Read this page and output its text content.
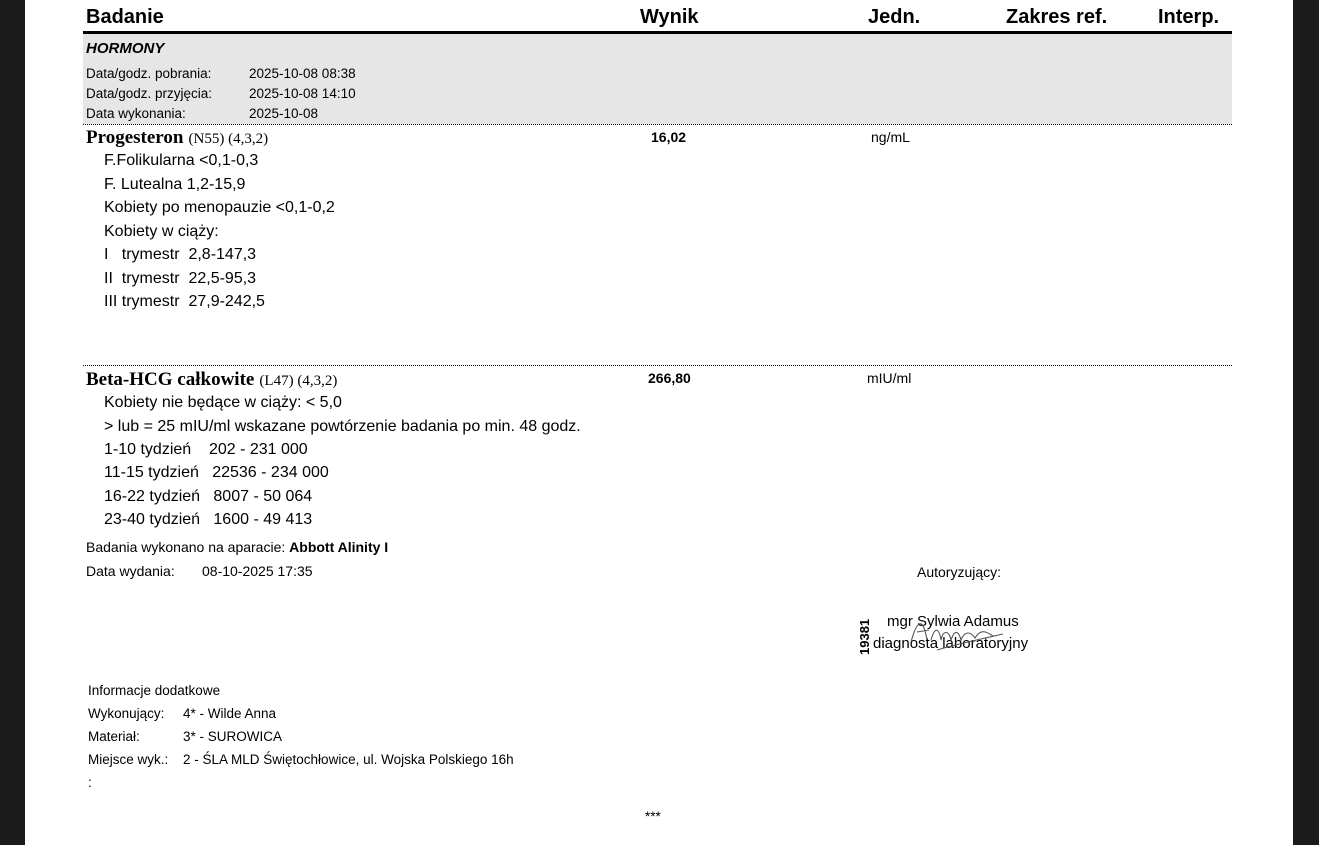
Badanie	Wynik	Jedn.	Zakres ref.	Interp.
HORMONY
Data/godz. pobrania:	2025-10-08 08:38
Data/godz. przyjęcia:	2025-10-08 14:10
Data wykonania:	2025-10-08
Progesteron (N55) (4,3,2)	16,02	ng/mL
F.Folikularna <0,1-0,3
F. Lutealna 1,2-15,9
Kobiety po menopauzie <0,1-0,2
Kobiety w ciąży:
I   trymestr  2,8-147,3
II  trymestr  22,5-95,3
III trymestr  27,9-242,5
Beta-HCG całkowite (L47) (4,3,2)	266,80	mIU/ml
Kobiety nie będące w ciąży: < 5,0
> lub = 25 mIU/ml wskazane powtórzenie badania po min. 48 godz.
1-10 tydzień    202 - 231 000
11-15 tydzień   22536 - 234 000
16-22 tydzień   8007 - 50 064
23-40 tydzień   1600 - 49 413
Badania wykonano na aparacie: Abbott Alinity I
Data wydania: 08-10-2025 17:35	Autoryzujący:
19381 mgr Sylwia Adamus
diagnosta laboratoryjny
Informacje dodatkowe
Wykonujący: 4* - Wilde Anna
Materiał:	3* - SUROWICA
Miejsce wyk.: 2 - ŚLA MLD Świętochłowice, ul. Wojska Polskiego 16h
:
***
